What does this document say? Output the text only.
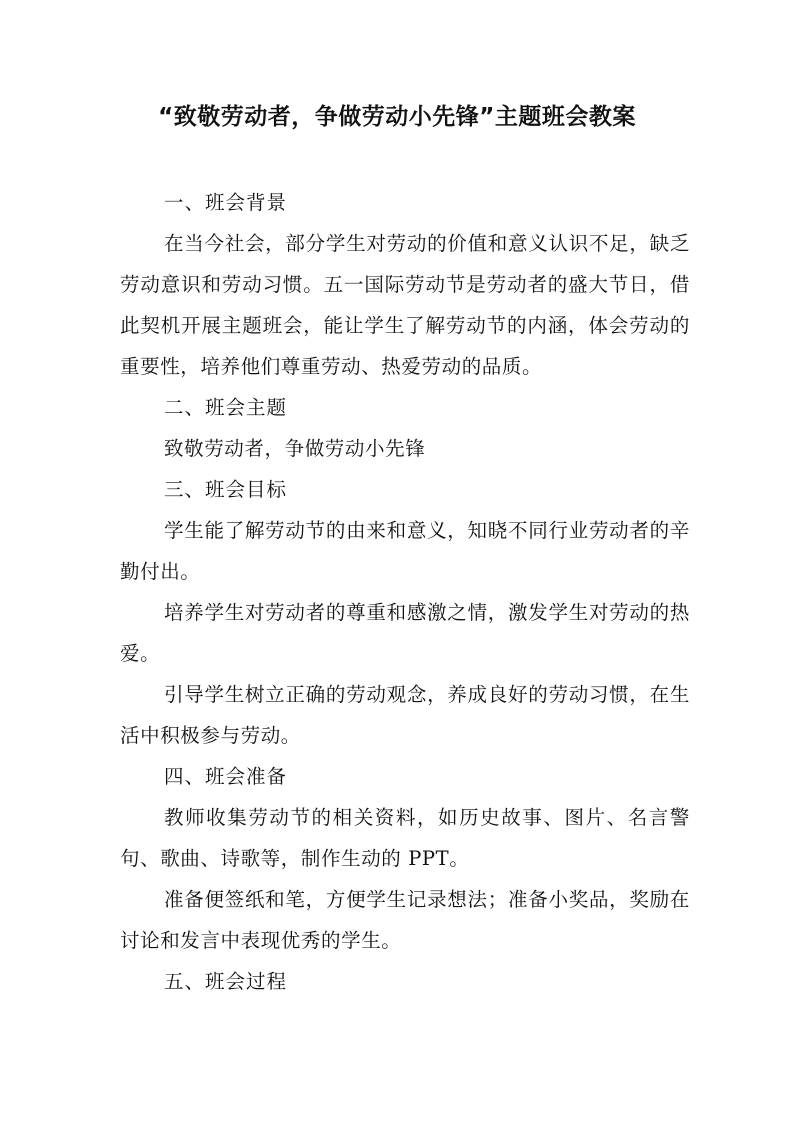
“致敬劳动者，争做劳动小先锋”主题班会教案

一、班会背景

在当今社会，部分学生对劳动的价值和意义认识不足，缺乏劳动意识和劳动习惯。五一国际劳动节是劳动者的盛大节日，借此契机开展主题班会，能让学生了解劳动节的内涵，体会劳动的重要性，培养他们尊重劳动、热爱劳动的品质。

二、班会主题

致敬劳动者，争做劳动小先锋

三、班会目标

学生能了解劳动节的由来和意义，知晓不同行业劳动者的辛勤付出。

培养学生对劳动者的尊重和感激之情，激发学生对劳动的热爱。

引导学生树立正确的劳动观念，养成良好的劳动习惯，在生活中积极参与劳动。

四、班会准备

教师收集劳动节的相关资料，如历史故事、图片、名言警句、歌曲、诗歌等，制作生动的 PPT。

准备便签纸和笔，方便学生记录想法；准备小奖品，奖励在讨论和发言中表现优秀的学生。

五、班会过程
